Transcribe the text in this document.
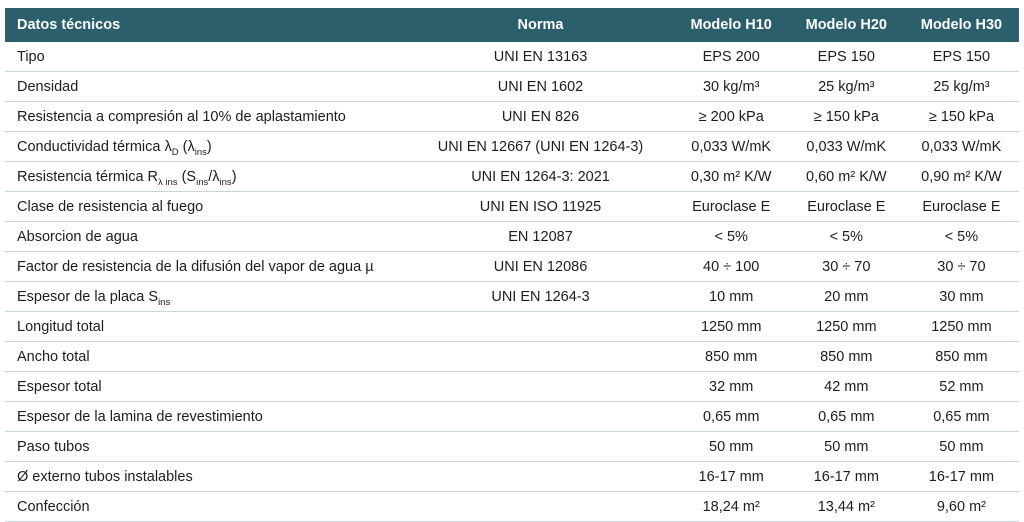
Datos técnicos	Norma	Modelo H10	Modelo H20	Modelo H30
Tipo	UNI EN 13163	EPS 200	EPS 150	EPS 150
Densidad	UNI EN 1602	30 kg/m³	25 kg/m³	25 kg/m³
Resistencia a compresión al 10% de aplastamiento	UNI EN 826	≥ 200 kPa	≥ 150 kPa	≥ 150 kPa
Conductividad térmica $\lambda_D$ $(\lambda_{ins})$	UNI EN 12667 (UNI EN 1264-3)	0,033 W/mK	0,033 W/mK	0,033 W/mK
Resistencia térmica $R_{\lambda ins}$ $(S_{ins}/\lambda_{ins})$	UNI EN 1264-3: 2021	0,30 m² K/W	0,60 m² K/W	0,90 m² K/W
Clase de resistencia al fuego	UNI EN ISO 11925	Euroclase E	Euroclase E	Euroclase E
Absorcion de agua	EN 12087	< 5%	< 5%	< 5%
Factor de resistencia de la difusión del vapor de agua µ	UNI EN 12086	40 ÷ 100	30 ÷ 70	30 ÷ 70
Espesor de la placa $S_{ins}$	UNI EN 1264-3	10 mm	20 mm	30 mm
Longitud total		1250 mm	1250 mm	1250 mm
Ancho total		850 mm	850 mm	850 mm
Espesor total		32 mm	42 mm	52 mm
Espesor de la lamina de revestimiento		0,65 mm	0,65 mm	0,65 mm
Paso tubos		50 mm	50 mm	50 mm
Ø externo tubos instalables		16-17 mm	16-17 mm	16-17 mm
Confección		18,24 m²	13,44 m²	9,60 m²
